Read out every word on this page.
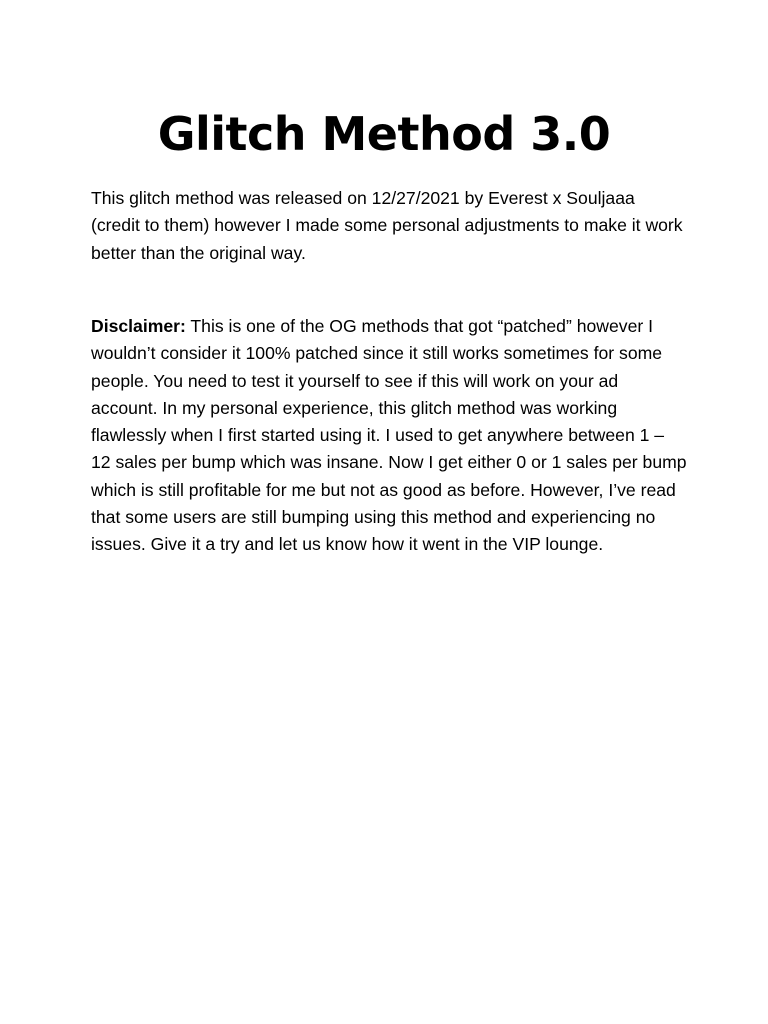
Glitch Method 3.0

This glitch method was released on 12/27/2021 by Everest x Souljaaa (credit to them) however I made some personal adjustments to make it work better than the original way.

Disclaimer: This is one of the OG methods that got “patched” however I wouldn’t consider it 100% patched since it still works sometimes for some people. You need to test it yourself to see if this will work on your ad account. In my personal experience, this glitch method was working flawlessly when I first started using it. I used to get anywhere between 1 – 12 sales per bump which was insane. Now I get either 0 or 1 sales per bump which is still profitable for me but not as good as before. However, I’ve read that some users are still bumping using this method and experiencing no issues. Give it a try and let us know how it went in the VIP lounge.
